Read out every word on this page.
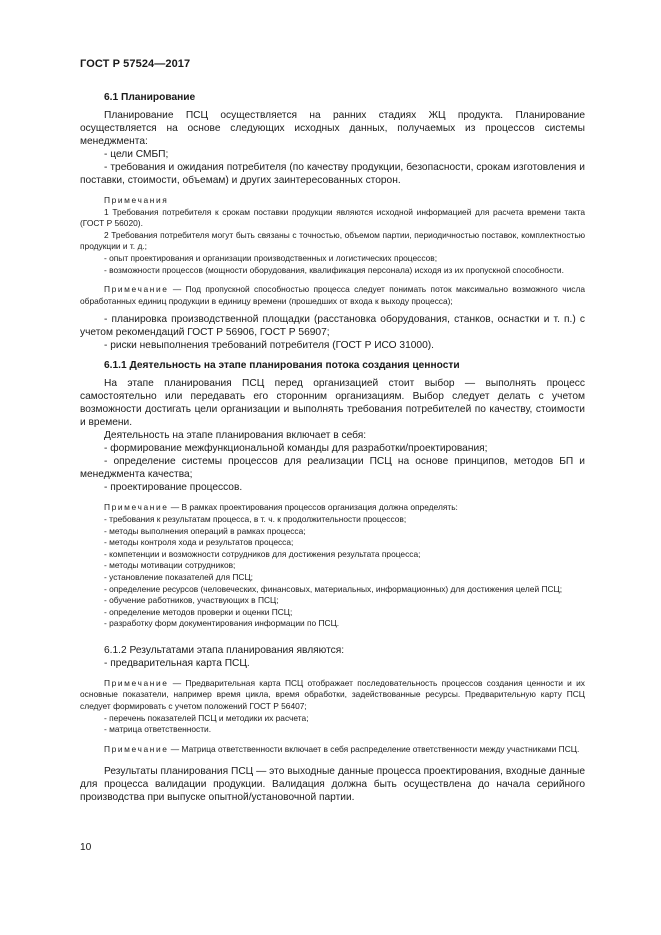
ГОСТ Р 57524—2017
6.1 Планирование

Планирование ПСЦ осуществляется на ранних стадиях ЖЦ продукта. Планирование осуществляется на основе следующих исходных данных, получаемых из процессов системы менеджмента:

- цели СМБП;

- требования и ожидания потребителя (по качеству продукции, безопасности, срокам изготовления и поставки, стоимости, объемам) и других заинтересованных сторон.

Примечания

1 Требования потребителя к срокам поставки продукции являются исходной информацией для расчета времени такта (ГОСТ Р 56020).

2 Требования потребителя могут быть связаны с точностью, объемом партии, периодичностью поставок, комплектностью продукции и т. д.;

- опыт проектирования и организации производственных и логистических процессов;

- возможности процессов (мощности оборудования, квалификация персонала) исходя из их пропускной способности.

Примечание — Под пропускной способностью процесса следует понимать поток максимально возможного числа обработанных единиц продукции в единицу времени (прошедших от входа к выходу процесса);

- планировка производственной площадки (расстановка оборудования, станков, оснастки и т. п.) с учетом рекомендаций ГОСТ Р 56906, ГОСТ Р 56907;

- риски невыполнения требований потребителя (ГОСТ Р ИСО 31000).

6.1.1 Деятельность на этапе планирования потока создания ценности

На этапе планирования ПСЦ перед организацией стоит выбор — выполнять процесс самостоятельно или передавать его сторонним организациям. Выбор следует делать с учетом возможности достигать цели организации и выполнять требования потребителей по качеству, стоимости и времени.

Деятельность на этапе планирования включает в себя:

- формирование межфункциональной команды для разработки/проектирования;

- определение системы процессов для реализации ПСЦ на основе принципов, методов БП и менеджмента качества;

- проектирование процессов.

Примечание — В рамках проектирования процессов организация должна определять:

- требования к результатам процесса, в т. ч. к продолжительности процессов;

- методы выполнения операций в рамках процесса;

- методы контроля хода и результатов процесса;

- компетенции и возможности сотрудников для достижения результата процесса;

- методы мотивации сотрудников;

- установление показателей для ПСЦ;

- определение ресурсов (человеческих, финансовых, материальных, информационных) для достижения целей ПСЦ;

- обучение работников, участвующих в ПСЦ;

- определение методов проверки и оценки ПСЦ;

- разработку форм документирования информации по ПСЦ.

6.1.2 Результатами этапа планирования являются:

- предварительная карта ПСЦ.

Примечание — Предварительная карта ПСЦ отображает последовательность процессов создания ценности и их основные показатели, например время цикла, время обработки, задействованные ресурсы. Предварительную карту ПСЦ следует формировать с учетом положений ГОСТ Р 56407;

- перечень показателей ПСЦ и методики их расчета;

- матрица ответственности.

Примечание — Матрица ответственности включает в себя распределение ответственности между участниками ПСЦ.

Результаты планирования ПСЦ — это выходные данные процесса проектирования, входные данные для процесса валидации продукции. Валидация должна быть осуществлена до начала серийного производства при выпуске опытной/установочной партии.

10
